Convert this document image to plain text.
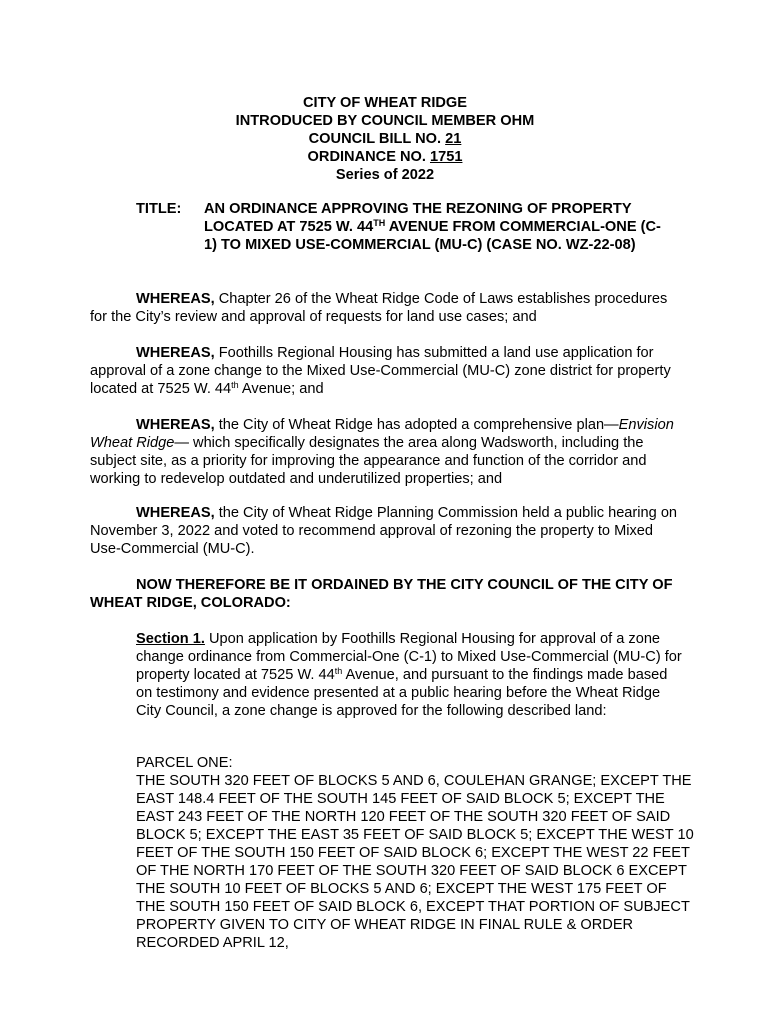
CITY OF WHEAT RIDGE
INTRODUCED BY COUNCIL MEMBER OHM
COUNCIL BILL NO. 21
ORDINANCE NO. 1751
Series of 2022
TITLE:	AN ORDINANCE APPROVING THE REZONING OF PROPERTY LOCATED AT 7525 W. 44TH AVENUE FROM COMMERCIAL-ONE (C-1) TO MIXED USE-COMMERCIAL (MU-C) (CASE NO. WZ-22-08)
WHEREAS, Chapter 26 of the Wheat Ridge Code of Laws establishes procedures for the City’s review and approval of requests for land use cases; and
WHEREAS, Foothills Regional Housing has submitted a land use application for approval of a zone change to the Mixed Use-Commercial (MU-C) zone district for property located at 7525 W. 44th Avenue; and
WHEREAS, the City of Wheat Ridge has adopted a comprehensive plan—Envision Wheat Ridge— which specifically designates the area along Wadsworth, including the subject site, as a priority for improving the appearance and function of the corridor and working to redevelop outdated and underutilized properties; and
WHEREAS, the City of Wheat Ridge Planning Commission held a public hearing on November 3, 2022 and voted to recommend approval of rezoning the property to Mixed Use-Commercial (MU-C).
NOW THEREFORE BE IT ORDAINED BY THE CITY COUNCIL OF THE CITY OF WHEAT RIDGE, COLORADO:
Section 1. Upon application by Foothills Regional Housing for approval of a zone change ordinance from Commercial-One (C-1) to Mixed Use-Commercial (MU-C) for property located at 7525 W. 44th Avenue, and pursuant to the findings made based on testimony and evidence presented at a public hearing before the Wheat Ridge City Council, a zone change is approved for the following described land:
PARCEL ONE:
THE SOUTH 320 FEET OF BLOCKS 5 AND 6, COULEHAN GRANGE; EXCEPT THE EAST 148.4 FEET OF THE SOUTH 145 FEET OF SAID BLOCK 5; EXCEPT THE EAST 243 FEET OF THE NORTH 120 FEET OF THE SOUTH 320 FEET OF SAID BLOCK 5; EXCEPT THE EAST 35 FEET OF SAID BLOCK 5; EXCEPT THE WEST 10 FEET OF THE SOUTH 150 FEET OF SAID BLOCK 6; EXCEPT THE WEST 22 FEET OF THE NORTH 170 FEET OF THE SOUTH 320 FEET OF SAID BLOCK 6 EXCEPT THE SOUTH 10 FEET OF BLOCKS 5 AND 6; EXCEPT THE WEST 175 FEET OF THE SOUTH 150 FEET OF SAID BLOCK 6, EXCEPT THAT PORTION OF SUBJECT PROPERTY GIVEN TO CITY OF WHEAT RIDGE IN FINAL RULE & ORDER RECORDED APRIL 12,
